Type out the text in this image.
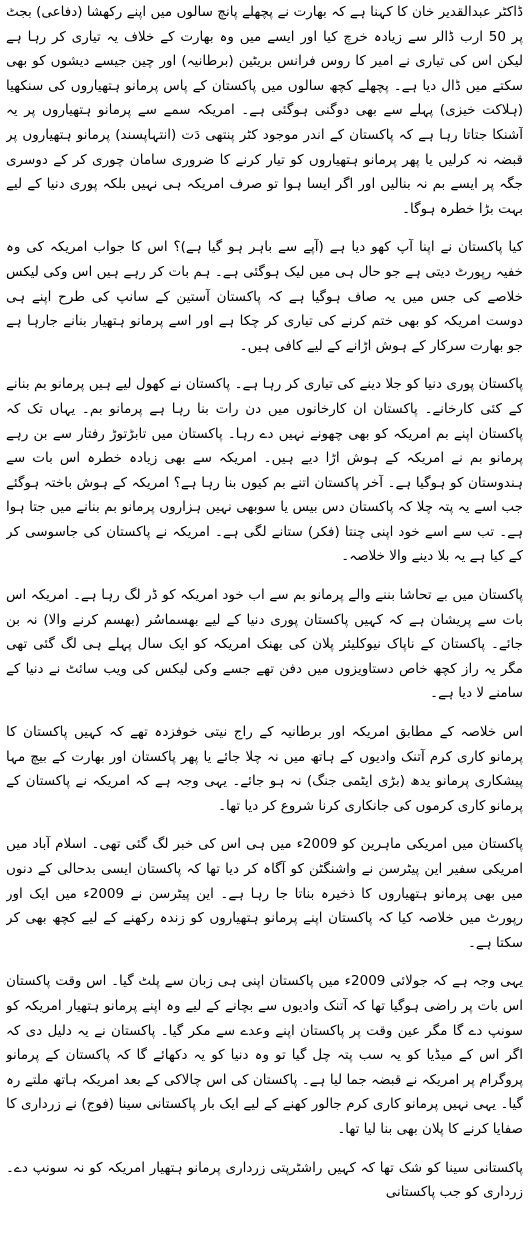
ڈاکٹر عبدالقدیر خان کا کہنا ہے کہ بھارت نے پچھلے پانچ سالوں میں اپنے رکھشا (دفاعی) بجٹ پر 50 ارب ڈالر سے زیادہ خرچ کیا اور ایسے میں وہ بھارت کے خلاف یہ تیاری کر رہا ہے لیکن اس کی تیاری نے امیر کا روس فرانس بریٹین (برطانیہ) اور چین جیسے دیشوں کو بھی سکتے میں ڈال دیا ہے۔ پچھلے کچھ سالوں میں پاکستان کے پاس پرمانو ہتھیاروں کی سنکھیا (ہلاکت خیزی) پہلے سے بھی دوگنی ہوگئی ہے۔ امریکہ سمے سے پرمانو ہتھیاروں پر یہ آشنکا جتاتا رہا ہے کہ پاکستان کے اندر موجود کٹر پنتھی دَت (انتہاپسند) پرمانو ہتھیاروں پر قبضہ نہ کرلیں یا پھر پرمانو ہتھیاروں کو تیار کرنے کا ضروری سامان چوری کر کے دوسری جگہ پر ایسے بم نہ بنالیں اور اگر ایسا ہوا تو صرف امریکہ ہی نہیں بلکہ پوری دنیا کے لیے بہت بڑا خطرہ ہوگا۔

کیا پاکستان نے اپنا آپ کھو دیا ہے (آپے سے باہر ہو گیا ہے)؟ اس کا جواب امریکہ کی وہ خفیہ رپورٹ دیتی ہے جو حال ہی میں لیک ہوگئی ہے۔ ہم بات کر رہے ہیں اس وکی لیکس خلاصے کی جس میں یہ صاف ہوگیا ہے کہ پاکستان آستین کے سانپ کی طرح اپنے ہی دوست امریکہ کو بھی ختم کرنے کی تیاری کر چکا ہے اور اسے پرمانو ہتھیار بنانے جارہا ہے جو بھارت سرکار کے ہوش اڑانے کے لیے کافی ہیں۔

پاکستان پوری دنیا کو جلا دینے کی تیاری کر رہا ہے۔ پاکستان نے کھول لیے ہیں پرمانو بم بنانے کے کئی کارخانے۔ پاکستان ان کارخانوں میں دن رات بنا رہا ہے پرمانو بم۔ یہاں تک کہ پاکستان اپنے بم امریکہ کو بھی چھونے نہیں دے رہا۔ پاکستان میں تابڑتوڑ رفتار سے بن رہے پرمانو بم نے امریکہ کے ہوش اڑا دیے ہیں۔ امریکہ سے بھی زیادہ خطرہ اس بات سے ہندوستان کو ہوگیا ہے۔ آخر پاکستان اتنے بم کیوں بنا رہا ہے؟ امریکہ کے ہوش باختہ ہوگئے جب اسے یہ پتہ چلا کہ پاکستان دس بیس یا سوبھی نہیں ہزاروں پرمانو بم بنانے میں جتا ہوا ہے۔ تب سے اسے خود اپنی چنتا (فکر) ستانے لگی ہے۔ امریکہ نے پاکستان کی جاسوسی کر کے کیا ہے یہ بلا دینے والا خلاصہ۔

پاکستان میں بے تحاشا بننے والے پرمانو بم سے اب خود امریکہ کو ڈر لگ رہا ہے۔ امریکہ اس بات سے پریشان ہے کہ کہیں پاکستان پوری دنیا کے لیے بھسماسُر (بھسم کرنے والا) نہ بن جائے۔ پاکستان کے ناپاک نیوکلیئر پلان کی بھنک امریکہ کو ایک سال پہلے ہی لگ گئی تھی مگر یہ راز کچھ خاص دستاویزوں میں دفن تھے جسے وکی لیکس کی ویب سائٹ نے دنیا کے سامنے لا دیا ہے۔

اس خلاصہ کے مطابق امریکہ اور برطانیہ کے راج نیتی خوفزدہ تھے کہ کہیں پاکستان کا پرمانو کاری کرم آتنک وادیوں کے ہاتھ میں نہ چلا جائے یا پھر پاکستان اور بھارت کے بیچ مہا پیشکاری پرمانو یدھ (بڑی ایٹمی جنگ) نہ ہو جائے۔ یہی وجہ ہے کہ امریکہ نے پاکستان کے پرمانو کاری کرموں کی جانکاری کرنا شروع کر دیا تھا۔

پاکستان میں امریکی ماہرین کو 2009ء میں ہی اس کی خبر لگ گئی تھی۔ اسلام آباد میں امریکی سفیر این پیٹرسن نے واشنگٹن کو آگاہ کر دیا تھا کہ پاکستان ایسی بدحالی کے دنوں میں بھی پرمانو ہتھیاروں کا ذخیرہ بناتا جا رہا ہے۔ این پیٹرسن نے 2009ء میں ایک اور رپورٹ میں خلاصہ کیا کہ پاکستان اپنے پرمانو ہتھیاروں کو زندہ رکھنے کے لیے کچھ بھی کر سکتا ہے۔

یہی وجہ ہے کہ جولائی 2009ء میں پاکستان اپنی ہی زبان سے پلٹ گیا۔ اس وقت پاکستان اس بات پر راضی ہوگیا تھا کہ آتنک وادیوں سے بچانے کے لیے وہ اپنے پرمانو ہتھیار امریکہ کو سونپ دے گا مگر عین وقت پر پاکستان اپنے وعدے سے مکر گیا۔ پاکستان نے یہ دلیل دی کہ اگر اس کے میڈیا کو یہ سب پتہ چل گیا تو وہ دنیا کو یہ دکھائے گا کہ پاکستان کے پرمانو پروگرام پر امریکہ نے قبضہ جما لیا ہے۔ پاکستان کی اس چالاکی کے بعد امریکہ ہاتھ ملتے رہ گیا۔ یہی نہیں پرمانو کاری کرم جالور کھنے کے لیے ایک بار پاکستانی سینا (فوج) نے زرداری کا صفایا کرنے کا پلان بھی بنا لیا تھا۔

پاکستانی سینا کو شک تھا کہ کہیں راشٹرپتی زرداری پرمانو ہتھیار امریکہ کو نہ سونپ دے۔ زرداری کو جب پاکستانی
